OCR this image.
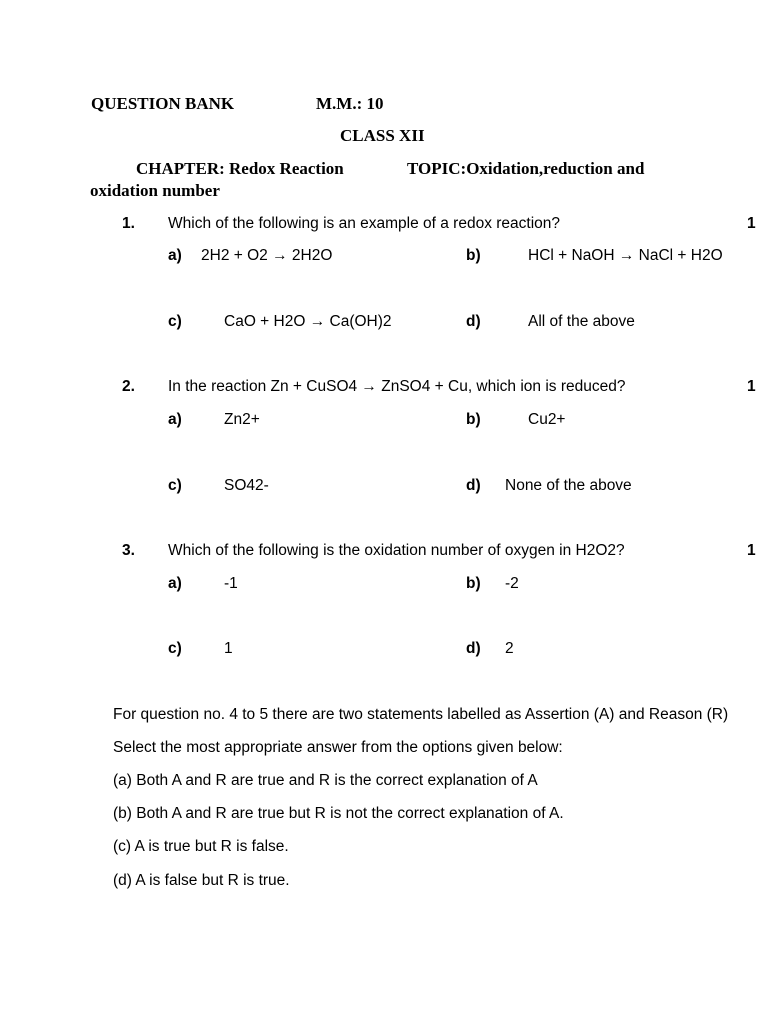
QUESTION BANK	M.M.: 10
CLASS XII
CHAPTER: Redox Reaction	TOPIC:Oxidation,reduction and
oxidation number
1. Which of the following is an example of a redox reaction?	1
a) 2H2 + O2 → 2H2O	b)	HCl + NaOH → NaCl + H2O
c)	CaO + H2O → Ca(OH)2	d)	All of the above
2. In the reaction Zn + CuSO4 → ZnSO4 + Cu, which ion is reduced?	1
a)	Zn2+	b)	Cu2+
c)	SO42-	d) None of the above
3. Which of the following is the oxidation number of oxygen in H2O2?	1
a)	-1	b) -2
c)	1	d) 2
For question no. 4 to 5 there are two statements labelled as Assertion (A) and Reason (R)
Select the most appropriate answer from the options given below:
(a) Both A and R are true and R is the correct explanation of A
(b) Both A and R are true but R is not the correct explanation of A.
(c) A is true but R is false.
(d) A is false but R is true.
